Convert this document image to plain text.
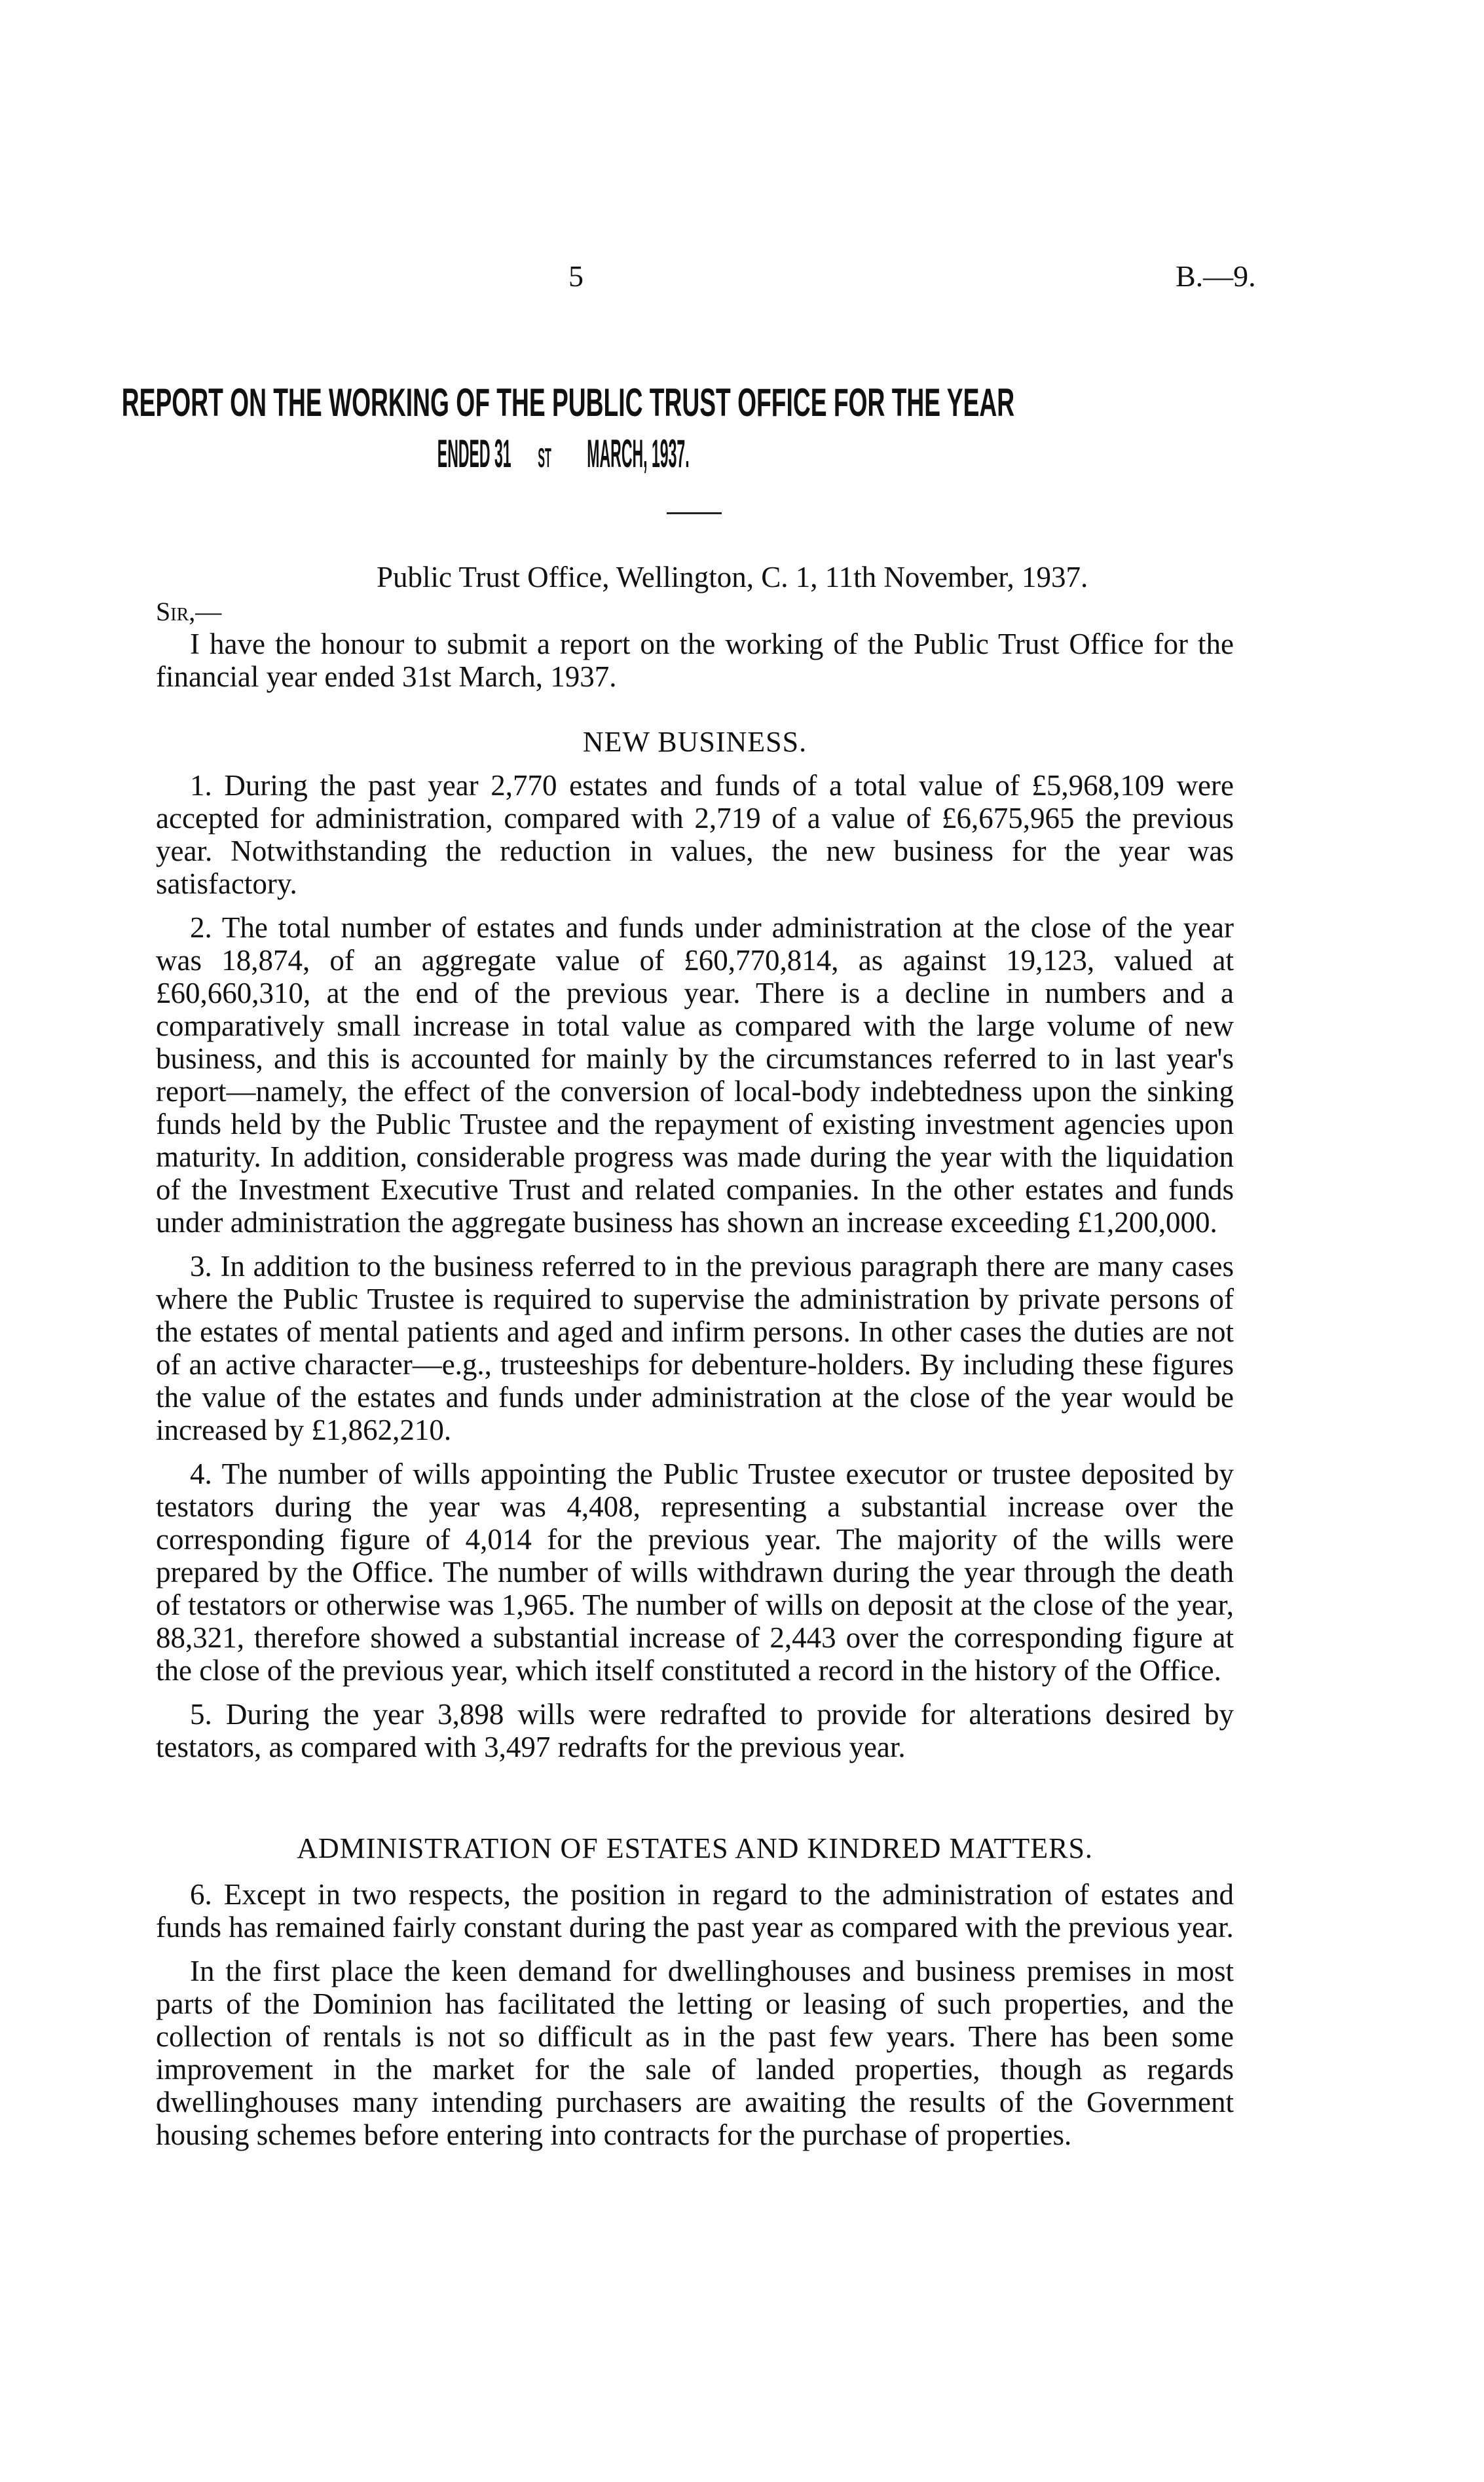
5	B.—9.
REPORT ON THE WORKING OF THE PUBLIC TRUST OFFICE FOR THE YEAR
ENDED 31 STMARCH, 1937.
Public Trust Office, Wellington, C. 1, 11th November, 1937.
Sir,—

I have the honour to submit a report on the working of the Public Trust Office for the financial year ended 31st March, 1937.

NEW BUSINESS.

1. During the past year 2,770 estates and funds of a total value of £5,968,109 were accepted for administration, compared with 2,719 of a value of £6,675,965 the previous year. Notwithstanding the reduction in values, the new business for the year was satisfactory.

2. The total number of estates and funds under administration at the close of the year was 18,874, of an aggregate value of £60,770,814, as against 19,123, valued at £60,660,310, at the end of the previous year. There is a decline in numbers and a comparatively small increase in total value as compared with the large volume of new business, and this is accounted for mainly by the circumstances referred to in last year's report—namely, the effect of the conversion of local-body indebtedness upon the sinking funds held by the Public Trustee and the repayment of existing investment agencies upon maturity. In addition, considerable progress was made during the year with the liquidation of the Investment Executive Trust and related companies. In the other estates and funds under administration the aggregate business has shown an increase exceeding £1,200,000.

3. In addition to the business referred to in the previous paragraph there are many cases where the Public Trustee is required to supervise the administration by private persons of the estates of mental patients and aged and infirm persons. In other cases the duties are not of an active character—e.g., trusteeships for debenture-holders. By including these figures the value of the estates and funds under administration at the close of the year would be increased by £1,862,210.

4. The number of wills appointing the Public Trustee executor or trustee deposited by testators during the year was 4,408, representing a substantial increase over the corresponding figure of 4,014 for the previous year. The majority of the wills were prepared by the Office. The number of wills withdrawn during the year through the death of testators or otherwise was 1,965. The number of wills on deposit at the close of the year, 88,321, therefore showed a substantial increase of 2,443 over the corresponding figure at the close of the previous year, which itself constituted a record in the history of the Office.

5. During the year 3,898 wills were redrafted to provide for alterations desired by testators, as compared with 3,497 redrafts for the previous year.

ADMINISTRATION OF ESTATES AND KINDRED MATTERS.

6. Except in two respects, the position in regard to the administration of estates and funds has remained fairly constant during the past year as compared with the previous year.

In the first place the keen demand for dwellinghouses and business premises in most parts of the Dominion has facilitated the letting or leasing of such properties, and the collection of rentals is not so difficult as in the past few years. There has been some improvement in the market for the sale of landed properties, though as regards dwellinghouses many intending purchasers are awaiting the results of the Government housing schemes before entering into contracts for the purchase of properties.
